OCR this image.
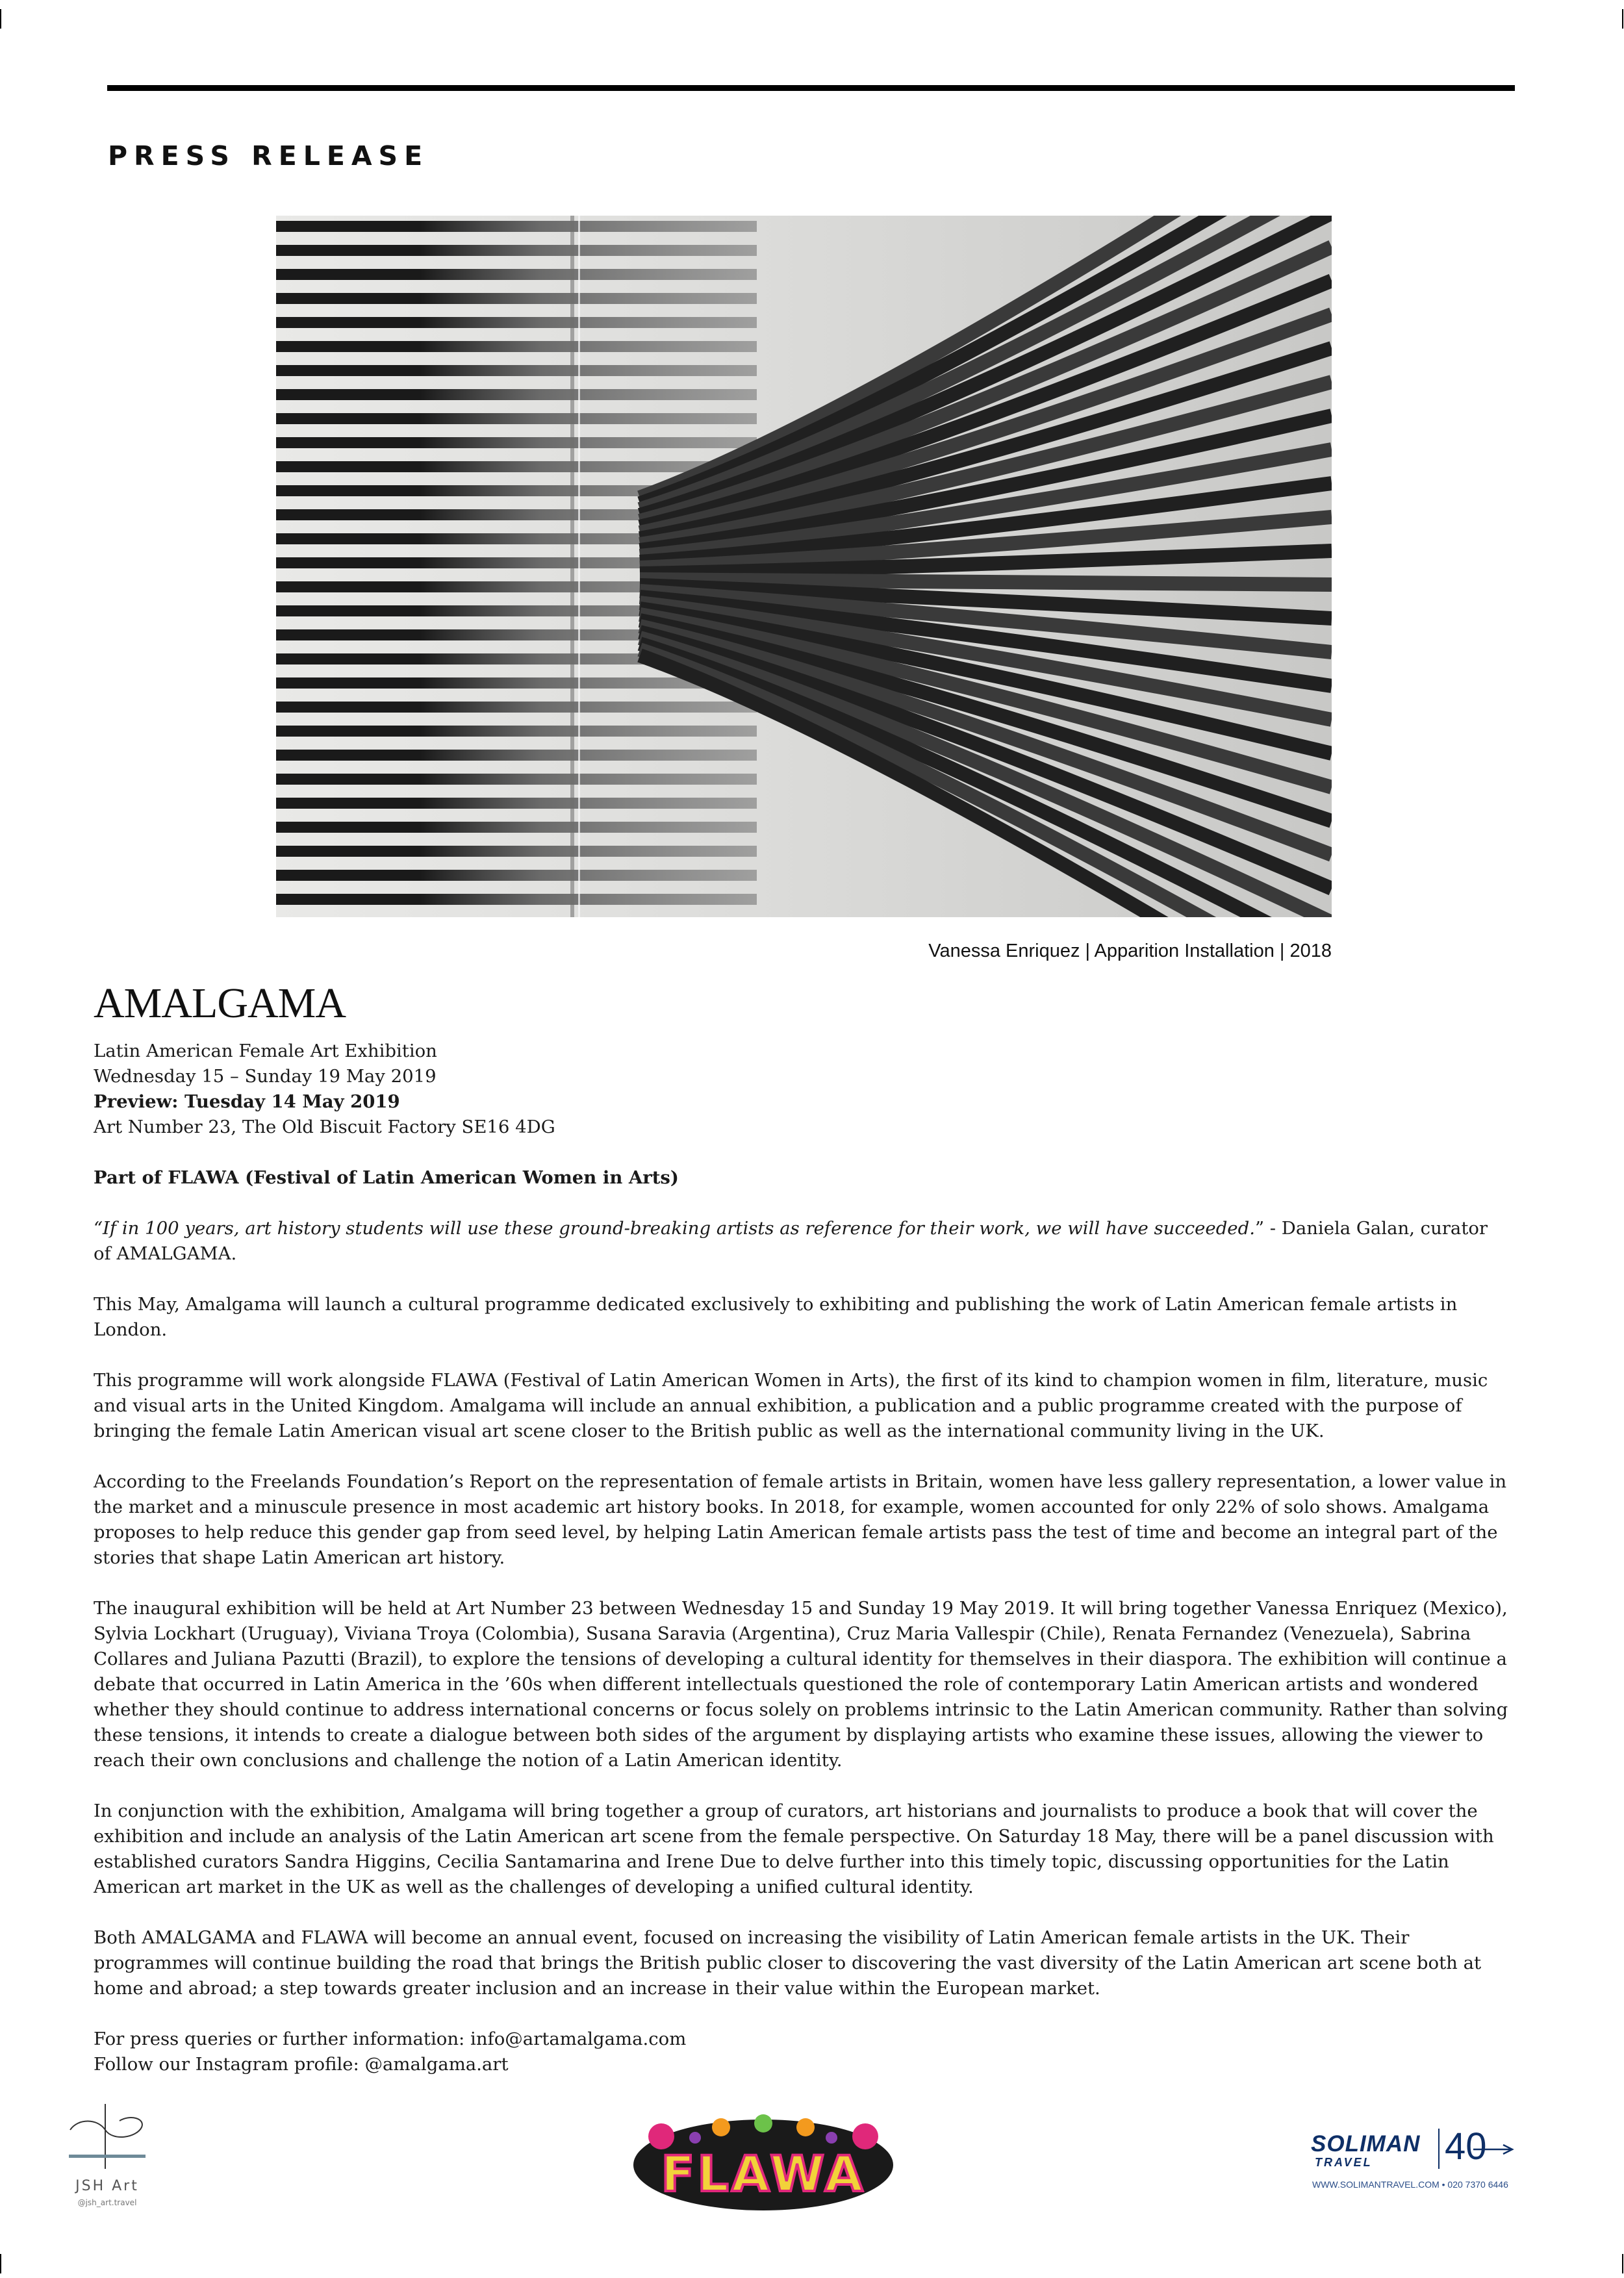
PRESS RELEASE

Vanessa Enriquez | Apparition Installation | 2018

AMALGAMA

Latin American Female Art Exhibition

Wednesday 15 – Sunday 19 May 2019

Preview: Tuesday 14 May 2019

Art Number 23, The Old Biscuit Factory SE16 4DG

Part of FLAWA (Festival of Latin American Women in Arts)

“If in 100 years, art history students will use these ground-breaking artists as reference for their work, we will have succeeded.” - Daniela Galan, curator of AMALGAMA.

This May, Amalgama will launch a cultural programme dedicated exclusively to exhibiting and publishing the work of Latin American female artists in London.

This programme will work alongside FLAWA (Festival of Latin American Women in Arts), the first of its kind to champion women in film, literature, music and visual arts in the United Kingdom. Amalgama will include an annual exhibition, a publication and a public programme created with the purpose of bringing the female Latin American visual art scene closer to the British public as well as the international community living in the UK.

According to the Freelands Foundation’s Report on the representation of female artists in Britain, women have less gallery representation, a lower value in the market and a minuscule presence in most academic art history books. In 2018, for example, women accounted for only 22% of solo shows. Amalgama proposes to help reduce this gender gap from seed level, by helping Latin American female artists pass the test of time and become an integral part of the stories that shape Latin American art history.

The inaugural exhibition will be held at Art Number 23 between Wednesday 15 and Sunday 19 May 2019. It will bring together Vanessa Enriquez (Mexico), Sylvia Lockhart (Uruguay), Viviana Troya (Colombia), Susana Saravia (Argentina), Cruz Maria Vallespir (Chile), Renata Fernandez (Venezuela), Sabrina Collares and Juliana Pazutti (Brazil), to explore the tensions of developing a cultural identity for themselves in their diaspora. The exhibition will continue a debate that occurred in Latin America in the ’60s when different intellectuals questioned the role of contemporary Latin American artists and wondered whether they should continue to address international concerns or focus solely on problems intrinsic to the Latin American community. Rather than solving these tensions, it intends to create a dialogue between both sides of the argument by displaying artists who examine these issues, allowing the viewer to reach their own conclusions and challenge the notion of a Latin American identity.

In conjunction with the exhibition, Amalgama will bring together a group of curators, art historians and journalists to produce a book that will cover the exhibition and include an analysis of the Latin American art scene from the female perspective. On Saturday 18 May, there will be a panel discussion with established curators Sandra Higgins, Cecilia Santamarina and Irene Due to delve further into this timely topic, discussing opportunities for the Latin American art market in the UK as well as the challenges of developing a unified cultural identity.

Both AMALGAMA and FLAWA will become an annual event, focused on increasing the visibility of Latin American female artists in the UK. Their programmes will continue building the road that brings the British public closer to discovering the vast diversity of the Latin American art scene both at home and abroad; a step towards greater inclusion and an increase in their value within the European market.

For press queries or further information: info@artamalgama.com

Follow our Instagram profile: @amalgama.art

JSH Art
@jsh_art.travel	FLAWA
SOLIMAN
TRAVEL 40
WWW.SOLIMANTRAVEL.COM • 020 7370 6446
